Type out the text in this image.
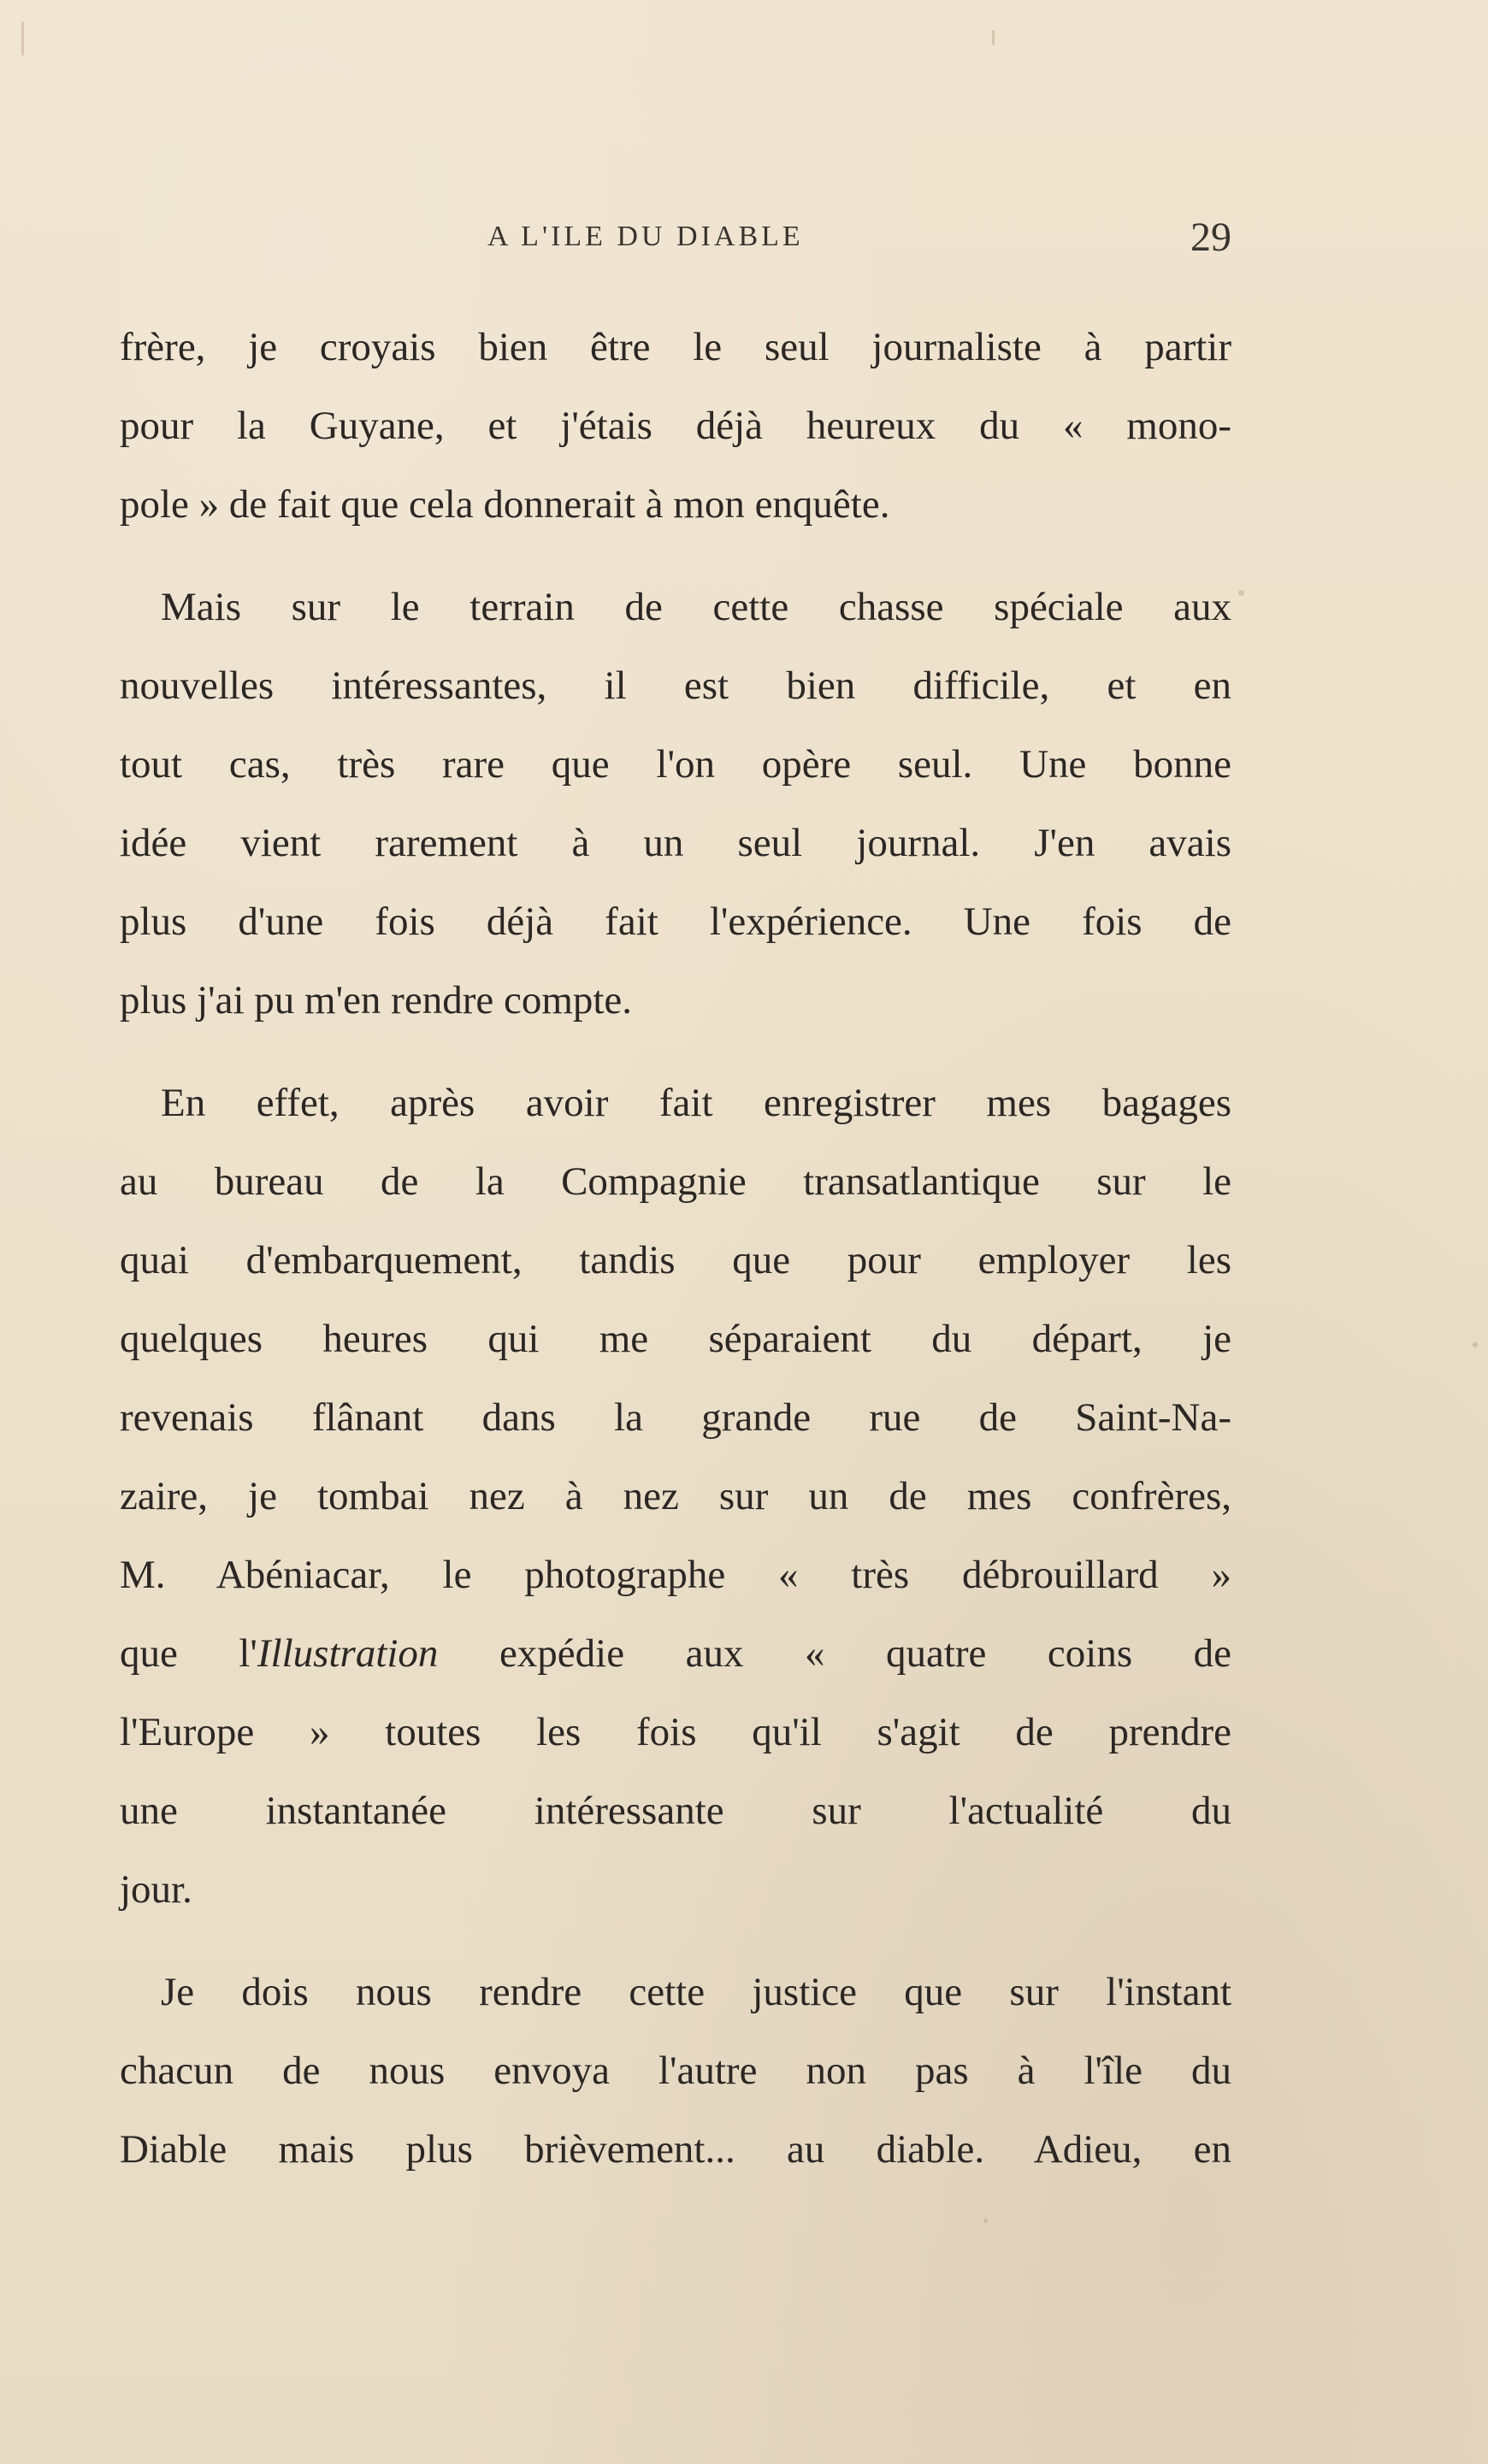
A L'ILE DU DIABLE	29
frère, je croyais bien être le seul journaliste à partir
pour la Guyane, et j'étais déjà heureux du « mono-
pole » de fait que cela donnerait à mon enquête.
Mais sur le terrain de cette chasse spéciale aux
nouvelles intéressantes, il est bien difficile, et en
tout cas, très rare que l'on opère seul. Une bonne
idée vient rarement à un seul journal. J'en avais
plus d'une fois déjà fait l'expérience. Une fois de
plus j'ai pu m'en rendre compte.
En effet, après avoir fait enregistrer mes bagages
au bureau de la Compagnie transatlantique sur le
quai d'embarquement, tandis que pour employer les
quelques heures qui me séparaient du départ, je
revenais flânant dans la grande rue de Saint-Na-
zaire, je tombai nez à nez sur un de mes confrères,
M. Abéniacar, le photographe « très débrouillard »
que l'Illustration expédie aux « quatre coins de
l'Europe » toutes les fois qu'il s'agit de prendre
une instantanée intéressante sur l'actualité du
jour.
Je dois nous rendre cette justice que sur l'instant
chacun de nous envoya l'autre non pas à l'île du
Diable mais plus brièvement... au diable. Adieu, en
